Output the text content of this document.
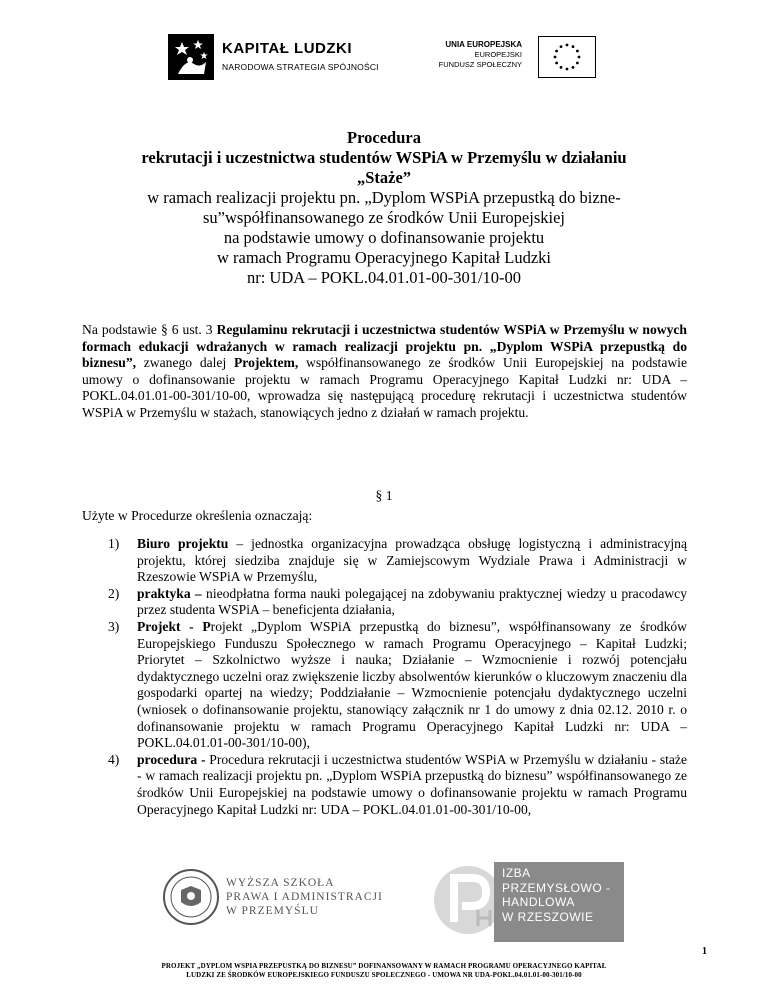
KAPITAŁ LUDZKI
NARODOWA STRATEGIA SPÓJNOŚCI
UNIA EUROPEJSKA
EUROPEJSKI
FUNDUSZ SPOŁECZNY
Procedura
rekrutacji i uczestnictwa studentów WSPiA w Przemyślu w działaniu
„Staże”
w ramach realizacji projektu pn. „Dyplom WSPiA przepustką do bizne-
su”współfinansowanego ze środków Unii Europejskiej
na podstawie umowy o dofinansowanie projektu
w ramach Programu Operacyjnego Kapitał Ludzki
nr: UDA – POKL.04.01.01-00-301/10-00
Na podstawie § 6 ust. 3 Regulaminu rekrutacji i uczestnictwa studentów WSPiA w Przemyślu w nowych formach edukacji wdrażanych w ramach realizacji projektu pn. „Dyplom WSPiA przepustką do biznesu”, zwanego dalej Projektem, współfinansowanego ze środków Unii Europejskiej na podstawie umowy o dofinansowanie projektu w ramach Programu Operacyjnego Kapitał Ludzki nr: UDA – POKL.04.01.01-00-301/10-00, wprowadza się następującą procedurę rekrutacji i uczestnictwa studentów WSPiA w Przemyślu w stażach, stanowiących jedno z działań w ramach projektu.
§ 1
Użyte w Procedurze określenia oznaczają:
1) Biuro projektu – jednostka organizacyjna prowadząca obsługę logistyczną i administracyjną projektu, której siedziba znajduje się w Zamiejscowym Wydziale Prawa i Administracji w Rzeszowie WSPiA w Przemyślu,
2) praktyka – nieodpłatna forma nauki polegającej na zdobywaniu praktycznej wiedzy u pracodawcy przez studenta WSPiA – beneficjenta działania,
3) Projekt - Projekt „Dyplom WSPiA przepustką do biznesu”, współfinansowany ze środków Europejskiego Funduszu Społecznego w ramach Programu Operacyjnego – Kapitał Ludzki; Priorytet – Szkolnictwo wyższe i nauka; Działanie – Wzmocnienie i rozwój potencjału dydaktycznego uczelni oraz zwiększenie liczby absolwentów kierunków o kluczowym znaczeniu dla gospodarki opartej na wiedzy; Poddziałanie – Wzmocnienie potencjału dydaktycznego uczelni (wniosek o dofinansowanie projektu, stanowiący załącznik nr 1 do umowy z dnia 02.12. 2010 r. o dofinansowanie projektu w ramach Programu Operacyjnego Kapitał Ludzki nr: UDA – POKL.04.01.01-00-301/10-00),
4) procedura - Procedura rekrutacji i uczestnictwa studentów WSPiA w Przemyślu w działaniu - staże - w ramach realizacji projektu pn. „Dyplom WSPiA przepustką do biznesu” współfinansowanego ze środków Unii Europejskiej na podstawie umowy o dofinansowanie projektu w ramach Programu Operacyjnego Kapitał Ludzki nr: UDA – POKL.04.01.01-00-301/10-00,
WYŻSZA SZKOŁA
PRAWA I ADMINISTRACJI
W PRZEMYŚLU
IZBA
PRZEMYSŁOWO -
HANDLOWA
W RZESZOWIE
1
PROJEKT „DYPLOM WSPIA PRZEPUSTKĄ DO BIZNESU” DOFINANSOWANY W RAMACH PROGRAMU OPERACYJNEGO KAPITAŁ
LUDZKI ZE ŚRODKÓW EUROPEJSKIEGO FUNDUSZU SPOŁECZNEGO - UMOWA NR UDA-POKL.04.01.01-00-301/10-00
